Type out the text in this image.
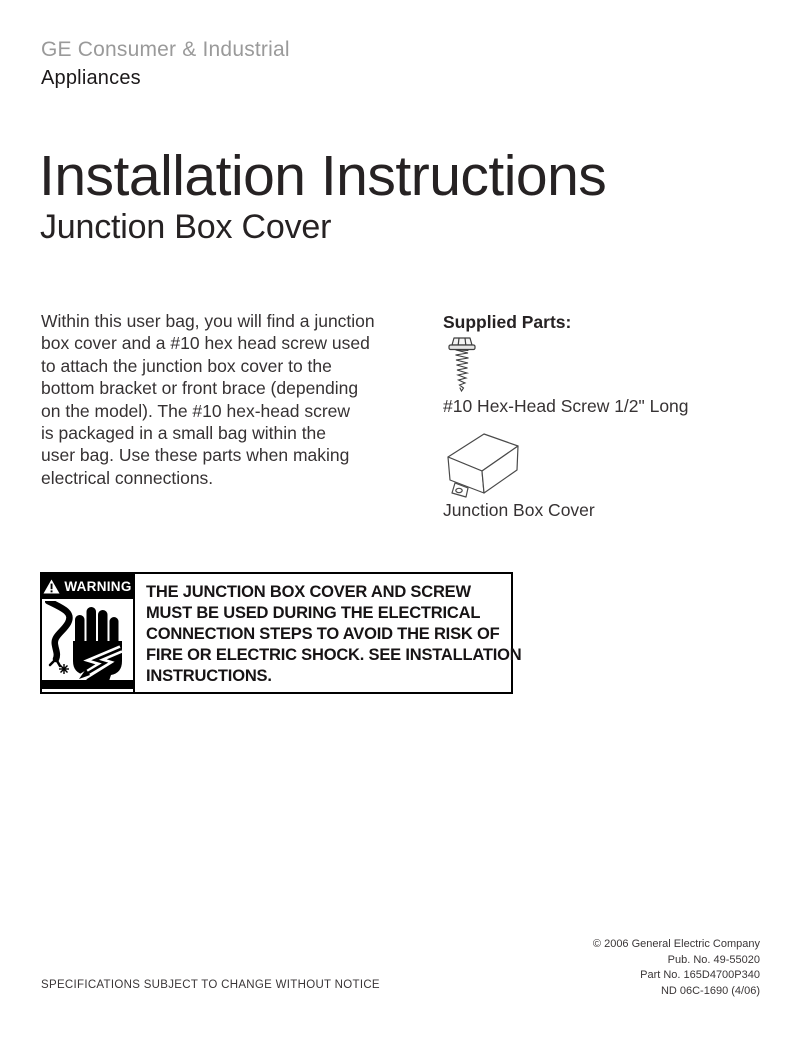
GE Consumer & Industrial
Appliances
Installation Instructions
Junction Box Cover
Within this user bag, you will find a junction
box cover and a #10 hex head screw used
to attach the junction box cover to the
bottom bracket or front brace (depending
on the model). The #10 hex-head screw
is packaged in a small bag within the
user bag. Use these parts when making
electrical connections.
Supplied Parts:
#10 Hex-Head Screw 1/2" Long
Junction Box Cover
WARNING THE JUNCTION BOX COVER AND SCREW
MUST BE USED DURING THE ELECTRICAL
CONNECTION STEPS TO AVOID THE RISK OF
FIRE OR ELECTRIC SHOCK. SEE INSTALLATION
INSTRUCTIONS.
SPECIFICATIONS SUBJECT TO CHANGE WITHOUT NOTICE
© 2006 General Electric Company
Pub. No. 49-55020
Part No. 165D4700P340
ND 06C-1690 (4/06)
